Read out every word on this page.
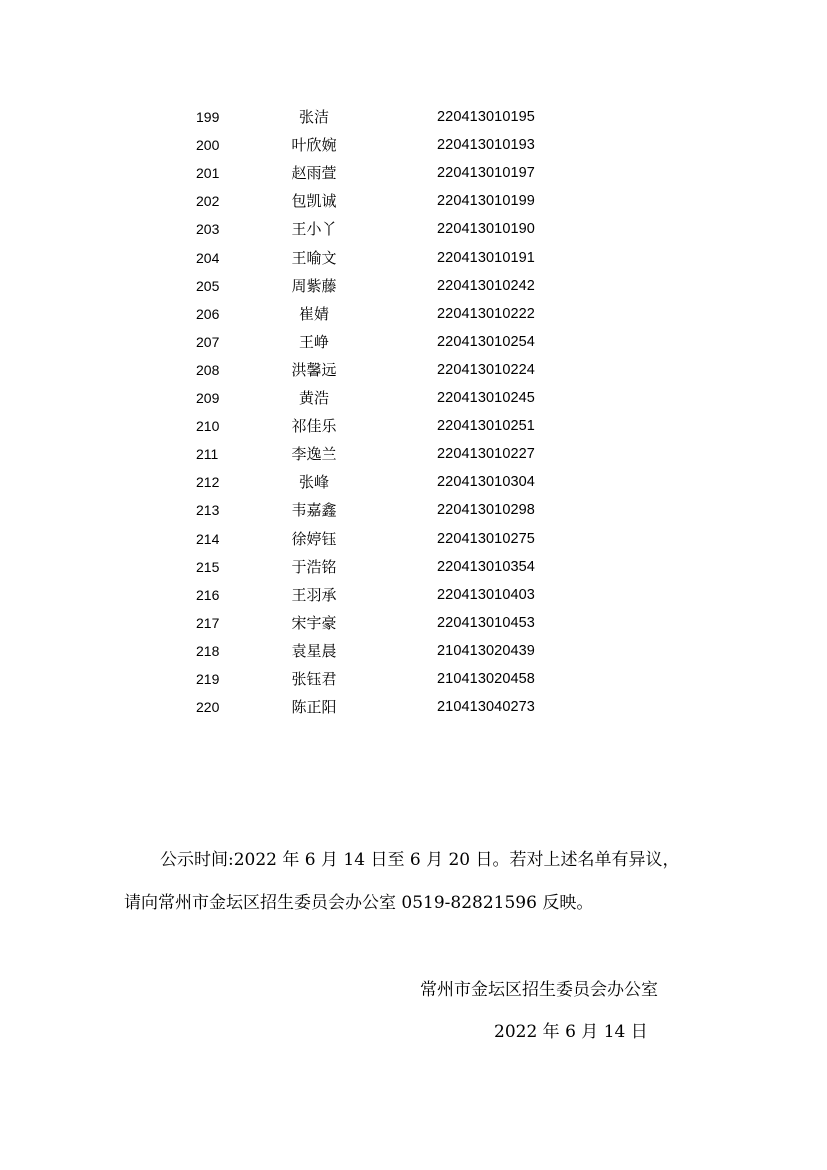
199	张洁	220413010195
200	叶欣婉	220413010193
201	赵雨萱	220413010197
202	包凯诚	220413010199
203	王小丫	220413010190
204	王喻文	220413010191
205	周紫藤	220413010242
206	崔婧	220413010222
207	王峥	220413010254
208	洪馨远	220413010224
209	黄浩	220413010245
210	祁佳乐	220413010251
211	李逸兰	220413010227
212	张峰	220413010304
213	韦嘉鑫	220413010298
214	徐婷钰	220413010275
215	于浩铭	220413010354
216	王羽承	220413010403
217	宋宇豪	220413010453
218	袁星晨	210413020439
219	张钰君	210413020458
220	陈正阳	210413040273
公示时间:2022 年 6 月 14 日至 6 月 20 日。若对上述名单有异议，
请向常州市金坛区招生委员会办公室 0519-82821596 反映。
常州市金坛区招生委员会办公室
2022 年 6 月 14 日
